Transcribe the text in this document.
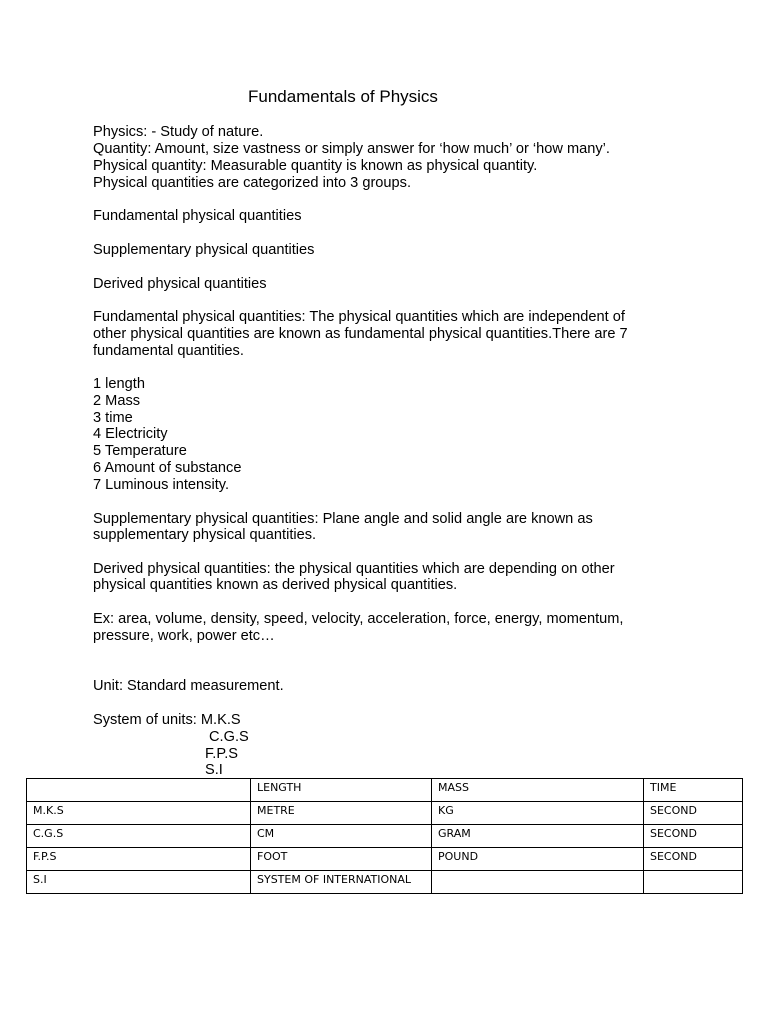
Fundamentals of Physics
Physics: - Study of nature.
Quantity: Amount, size vastness or simply answer for ‘how much’ or ‘how many’.
Physical quantity: Measurable quantity is known as physical quantity.
Physical quantities are categorized into 3 groups.
Fundamental physical quantities
Supplementary physical quantities
Derived physical quantities
Fundamental physical quantities: The physical quantities which are independent of
other physical quantities are known as fundamental physical quantities.There are 7
fundamental quantities.
1 length
2 Mass
3 time
4 Electricity
5 Temperature
6 Amount of substance
7 Luminous intensity.
Supplementary physical quantities: Plane angle and solid angle are known as
supplementary physical quantities.
Derived physical quantities: the physical quantities which are depending on other
physical quantities known as derived physical quantities.
Ex: area, volume, density, speed, velocity, acceleration, force, energy, momentum,
pressure, work, power etc…
Unit: Standard measurement.
System of units: M.K.S
C.G.S
F.P.S
S.I
	LENGTH	MASS	TIME
M.K.S	METRE	KG	SECOND
C.G.S	CM	GRAM	SECOND
F.P.S	FOOT	POUND	SECOND
S.I	SYSTEM OF INTERNATIONAL		
